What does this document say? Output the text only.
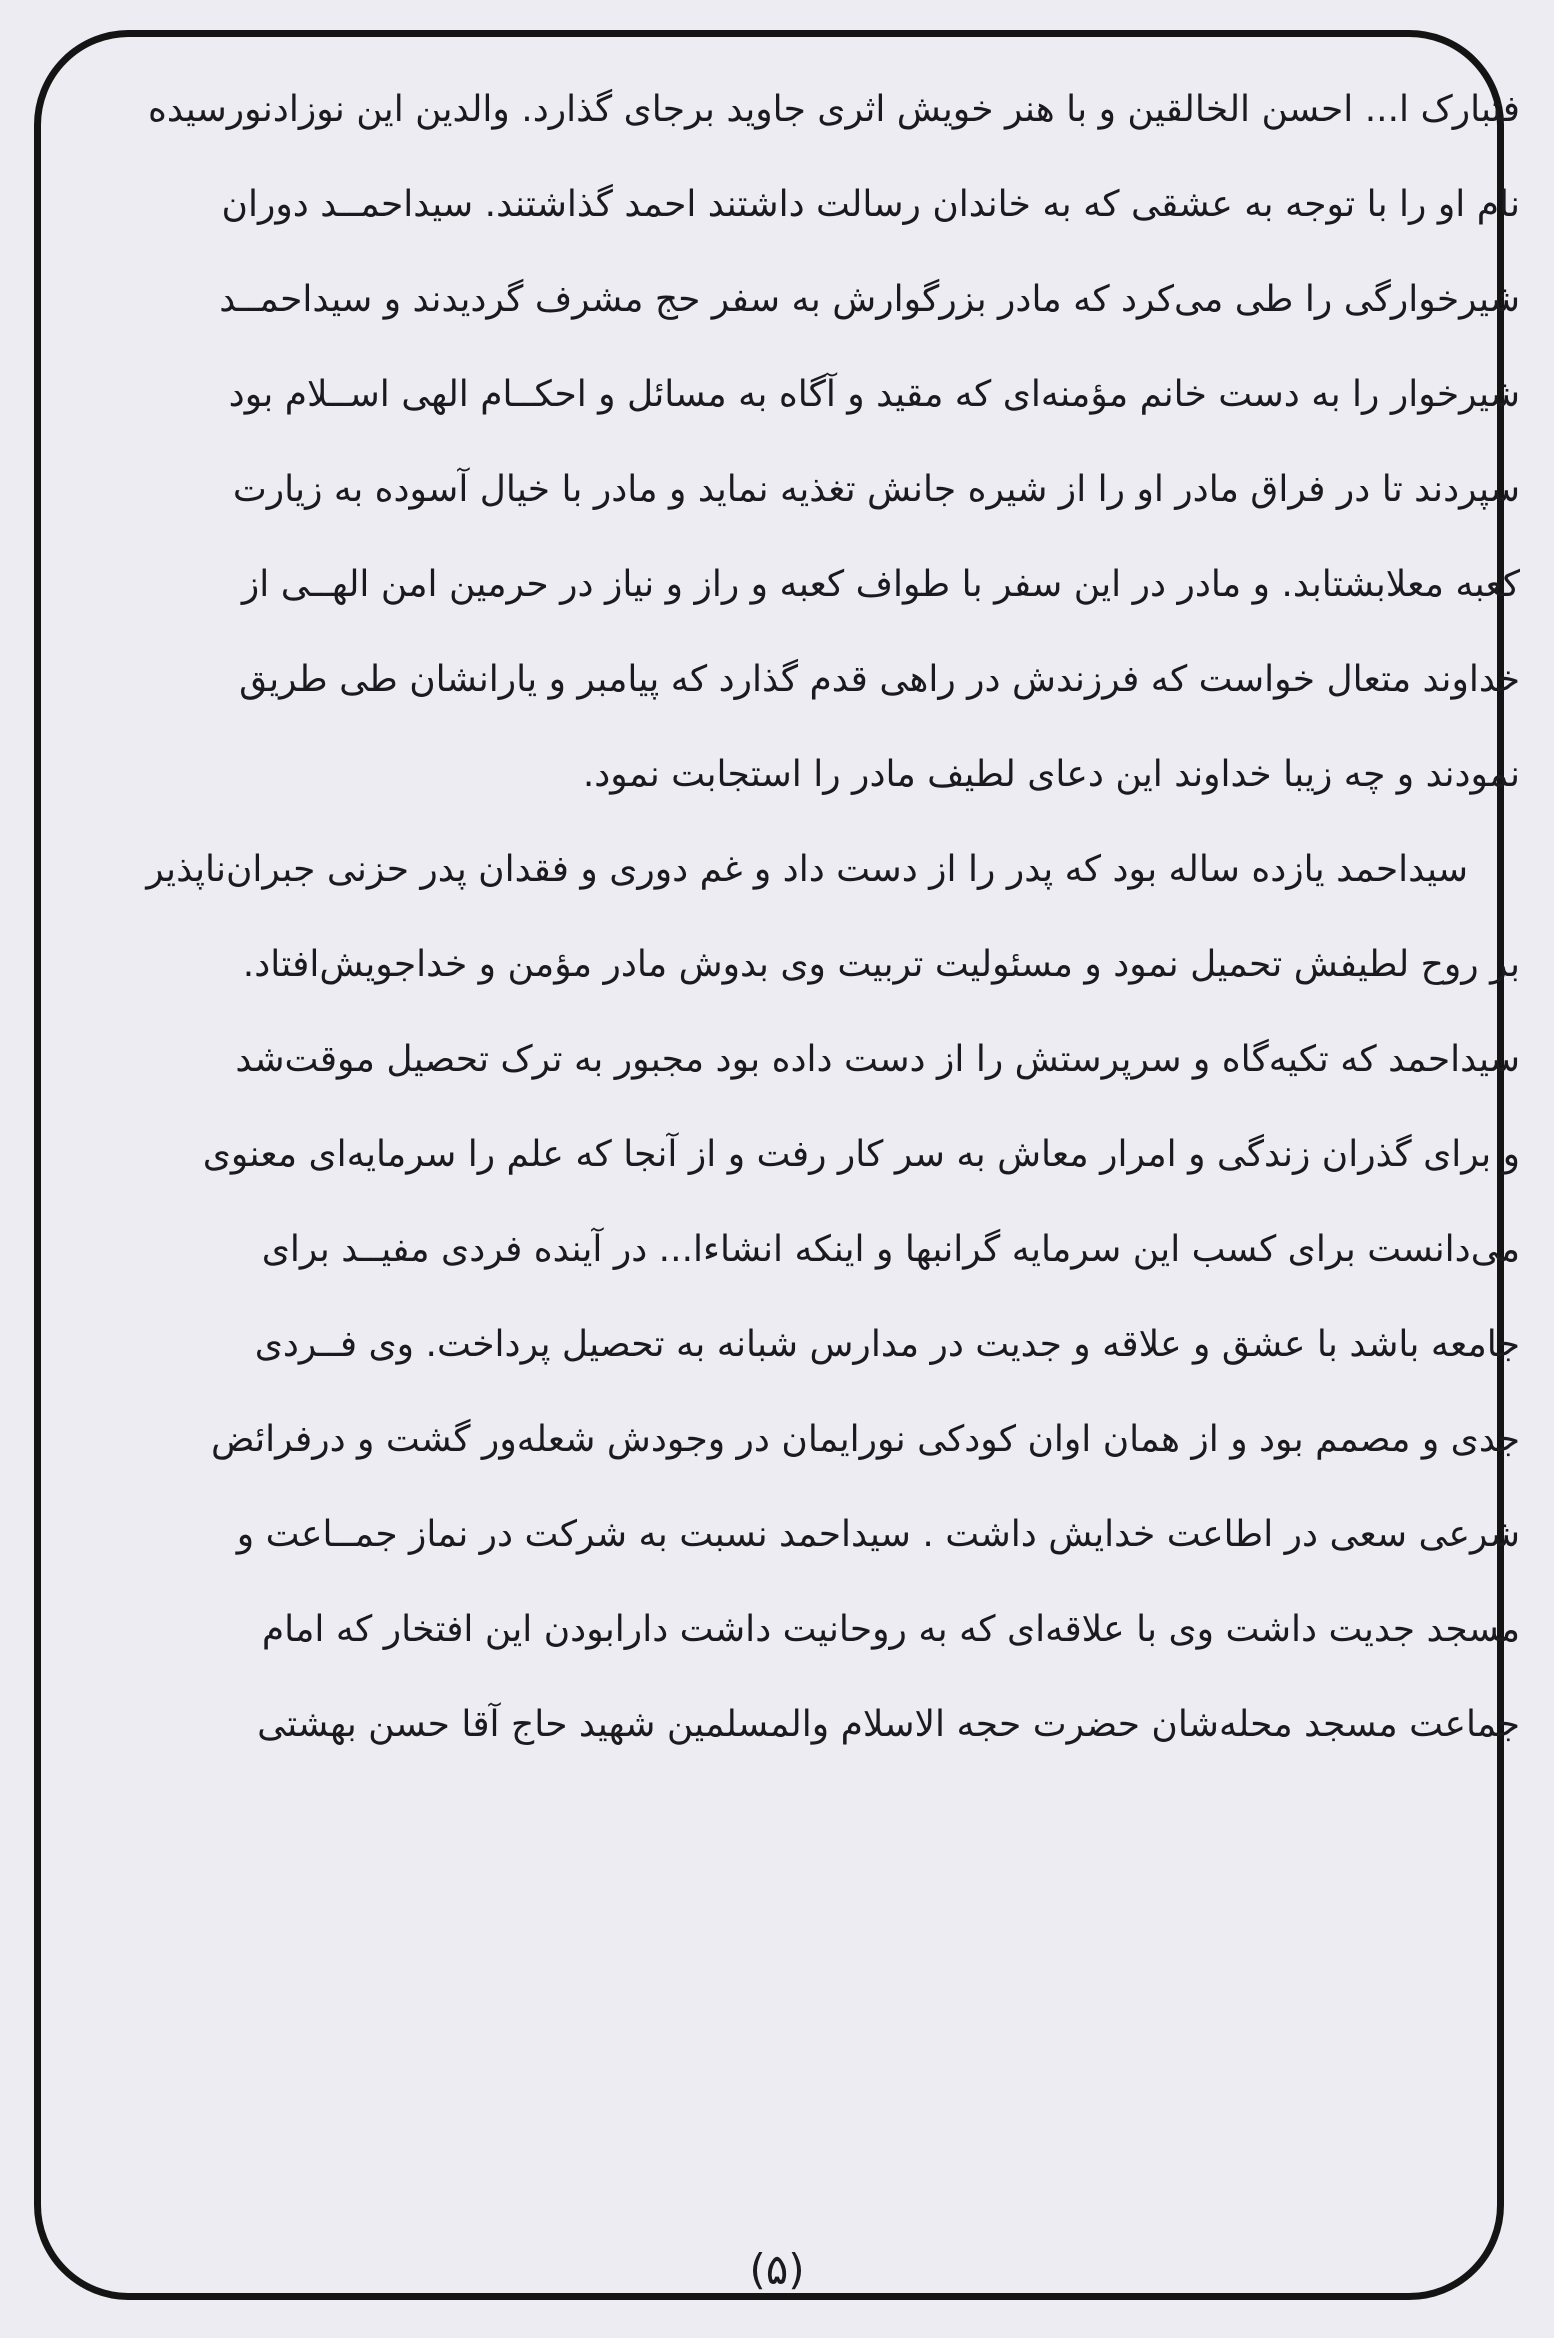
فتبارک ا... احسن الخالقین و با هنر خویش اثری جاوید برجای گذارد. والدین این نوزادنورسیده
نام او را با توجه به عشقی که به خاندان رسالت داشتند احمد گذاشتند. سیداحمــد دوران
شیرخوارگی را طی می‌کرد که مادر بزرگوارش به سفر حج مشرف گردیدند و سیداحمــد
شیرخوار را به دست خانم مؤمنه‌ای که مقید و آگاه به مسائل و احکــام الهی اســلام بود
سپردند تا در فراق مادر او را از شیره جانش تغذیه نماید و مادر با خیال آسوده به زیارت
کعبه معلابشتابد. و مادر در این سفر با طواف کعبه و راز و نیاز در حرمین امن الهــی از
خداوند متعال خواست که فرزندش در راهی قدم گذارد که پیامبر و یارانشان طی طریق
نمودند و چه زیبا خداوند این دعای لطیف مادر را استجابت نمود.
سیداحمد یازده ساله بود که پدر را از دست داد و غم دوری و فقدان پدر حزنی جبران‌ناپذیر
بر روح لطیفش تحمیل نمود و مسئولیت تربیت وی بدوش مادر مؤمن و خداجویش‌افتاد.
سیداحمد که تکیه‌گاه و سرپرستش را از دست داده بود مجبور به ترک تحصیل موقت‌شد
و برای گذران زندگی و امرار معاش به سر کار رفت و از آنجا که علم را سرمایه‌ای معنوی
می‌دانست برای کسب این سرمایه گرانبها و اینکه انشاءا... در آینده فردی مفیــد برای
جامعه باشد با عشق و علاقه و جدیت در مدارس شبانه به تحصیل پرداخت. وی فــردی
جدی و مصمم بود و از همان اوان کودکی نورایمان در وجودش شعله‌ور گشت و درفرائض
شرعی سعی در اطاعت خدایش داشت . سیداحمد نسبت به شرکت در نماز جمــاعت و
مسجد جدیت داشت وی با علاقه‌ای که به روحانیت داشت دارابودن این افتخار که امام
جماعت مسجد محله‌شان حضرت حجه الاسلام والمسلمین شهید حاج آقا حسن بهشتی
(۵)
